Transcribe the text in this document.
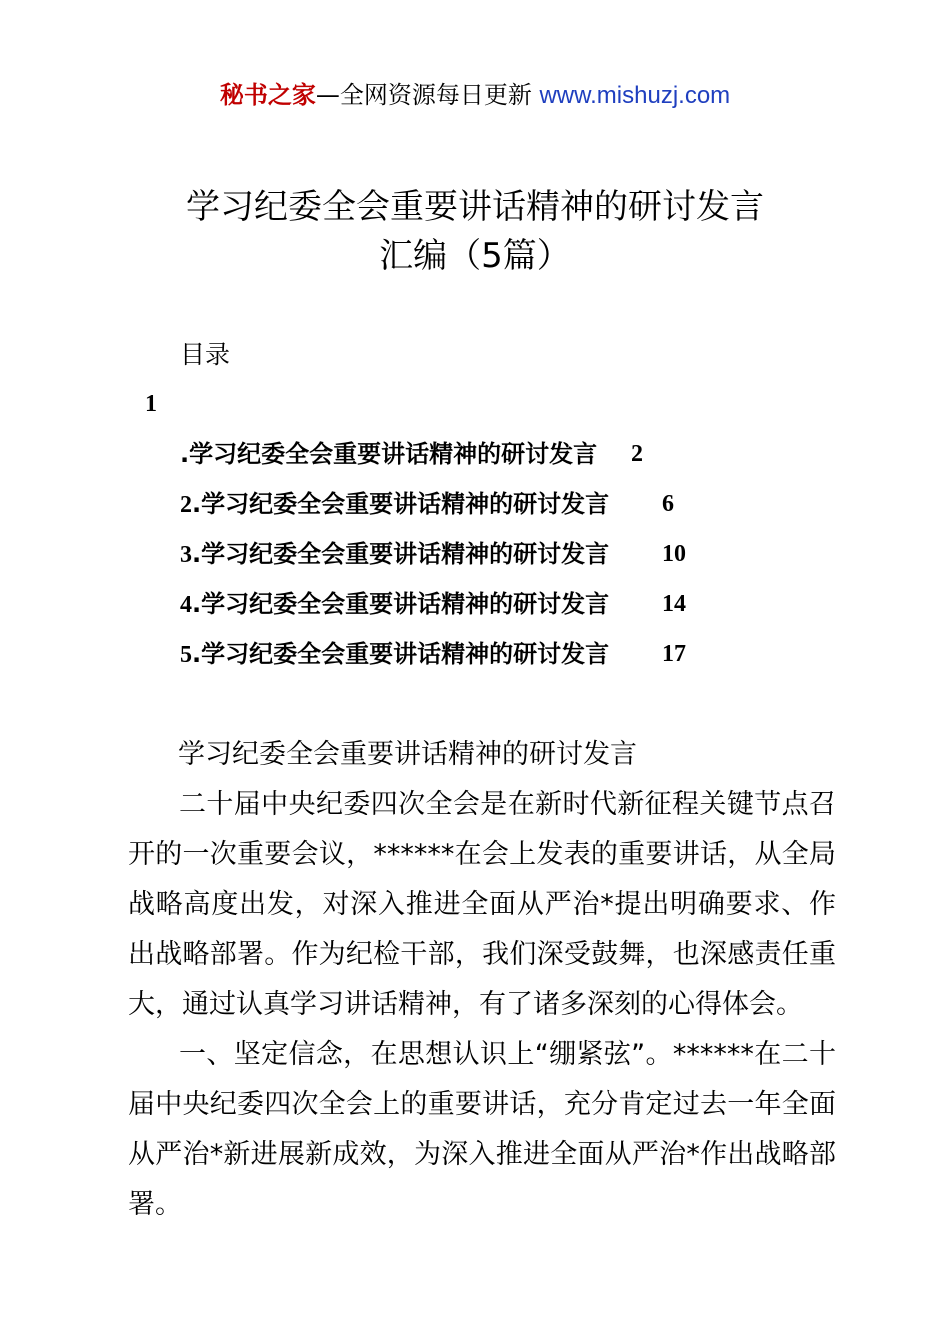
秘书之家—全网资源每日更新 www.mishuzj.com
学习纪委全会重要讲话精神的研讨发言
汇编（5篇）
目录
1
.学习纪委全会重要讲话精神的研讨发言 2
2.学习纪委全会重要讲话精神的研讨发言 6
3.学习纪委全会重要讲话精神的研讨发言 10
4.学习纪委全会重要讲话精神的研讨发言 14
5.学习纪委全会重要讲话精神的研讨发言 17
学习纪委全会重要讲话精神的研讨发言
二十届中央纪委四次全会是在新时代新征程关键节点召开的一次重要会议，******在会上发表的重要讲话，从全局战略高度出发，对深入推进全面从严治*提出明确要求、作出战略部署。作为纪检干部，我们深受鼓舞，也深感责任重大，通过认真学习讲话精神，有了诸多深刻的心得体会。
一、坚定信念，在思想认识上“绷紧弦”。******在二十届中央纪委四次全会上的重要讲话，充分肯定过去一年全面从严治*新进展新成效，为深入推进全面从严治*作出战略部署。
